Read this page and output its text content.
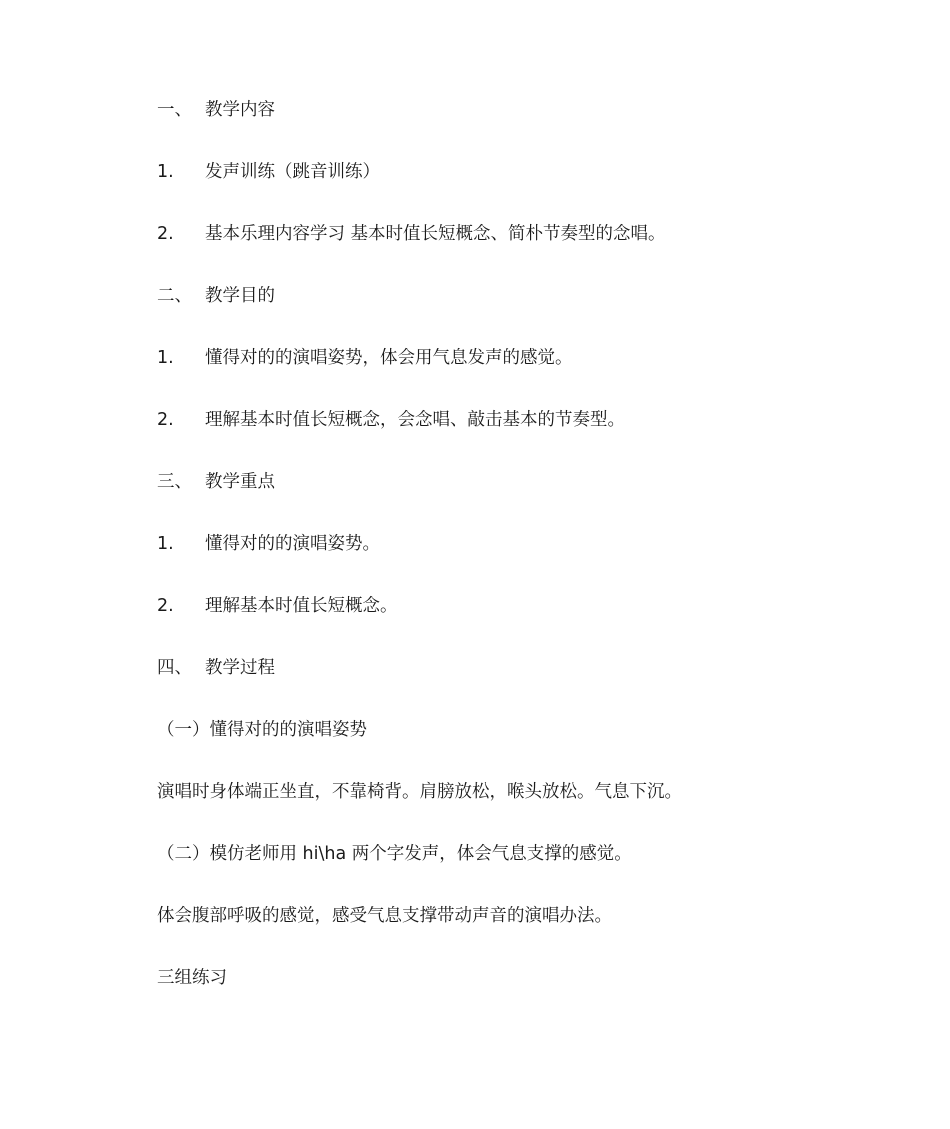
一、 教学内容
1. 发声训练（跳音训练）
2. 基本乐理内容学习 基本时值长短概念、简朴节奏型的念唱。
二、 教学目的
1. 懂得对的的演唱姿势，体会用气息发声的感觉。
2. 理解基本时值长短概念，会念唱、敲击基本的节奏型。
三、 教学重点
1. 懂得对的的演唱姿势。
2. 理解基本时值长短概念。
四、 教学过程
（一）懂得对的的演唱姿势
演唱时身体端正坐直，不靠椅背。肩膀放松，喉头放松。气息下沉。
（二）模仿老师用 hi\ha 两个字发声，体会气息支撑的感觉。
体会腹部呼吸的感觉，感受气息支撑带动声音的演唱办法。
三组练习
